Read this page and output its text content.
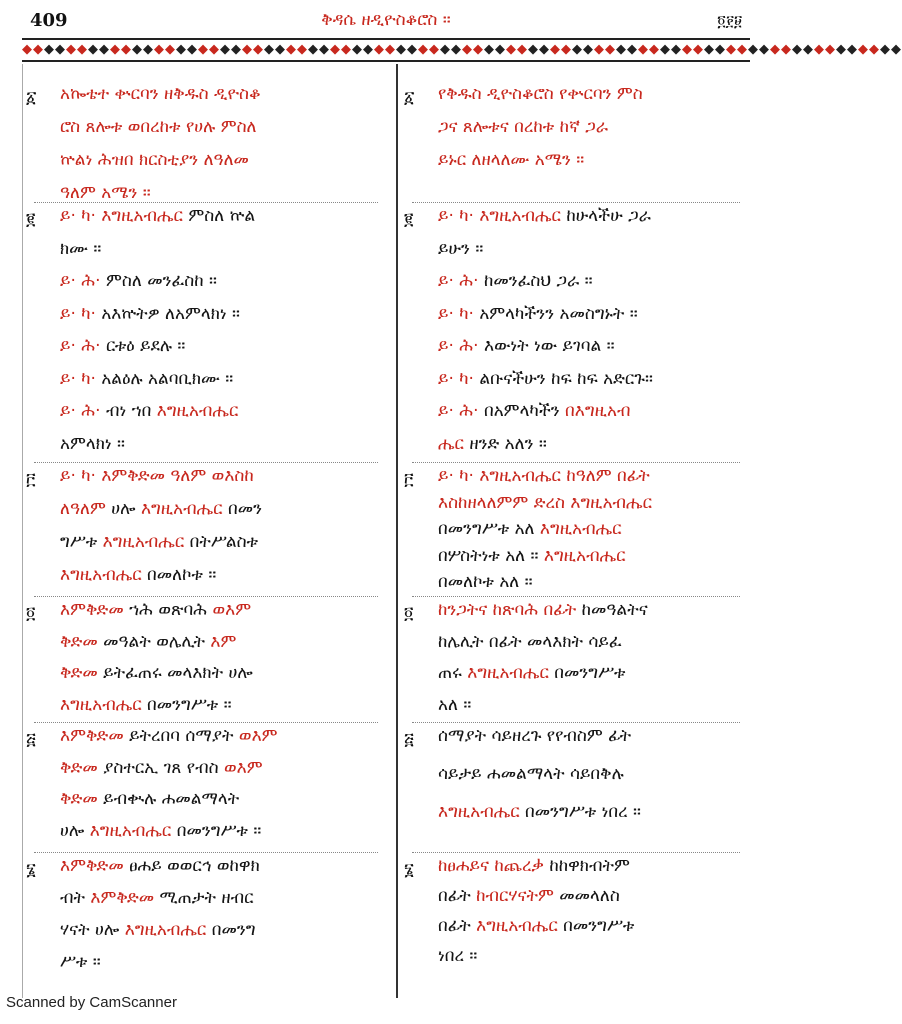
409	ቅዳሴ ዘዲዮስቆሮስ ።	፬፻፱
◆◆◆◆◆◆◆◆◆◆◆◆◆◆◆◆◆◆◆◆◆◆◆◆◆◆◆◆◆◆◆◆◆◆◆◆◆◆◆◆◆◆◆◆◆◆◆◆◆◆◆◆◆◆◆◆◆◆◆◆◆◆◆◆◆◆◆◆◆◆◆◆◆◆◆◆◆◆◆◆
፩ አኰቴተ ቍርባን ዘቅዱስ ዲዮስቆ
ሮስ ጸሎቱ ወበረከቱ የሀሉ ምስለ
ኵልነ ሕዝበ ክርስቲያን ለዓለመ
ዓለም አሜን ።
፪ ይ· ካ· እግዚአብሔር ምስለ ኵል
ክሙ ።
ይ· ሕ· ምስለ መንፈስከ ።
ይ· ካ· አእኵትዎ ለአምላክነ ።
ይ· ሕ· ርቱዕ ይደሉ ።
ይ· ካ· አልዕሉ አልባቢክሙ ።
ይ· ሕ· ብነ ኀበ እግዚአብሔር
አምላክነ ።
፫ ይ· ካ· እምቅድመ ዓለም ወእስከ
ለዓለም ሀሎ እግዚአብሔር በመን
ግሥቱ እግዚአብሔር በትሥልስቱ
እግዚአብሔር በመለኮቱ ።
፬ እምቅድመ ኀሕ ወጽባሕ ወእም
ቅድመ መዓልት ወሌሊት እም
ቅድመ ይትፈጠሩ መላእክት ሀሎ
እግዚአብሔር በመንግሥቱ ።
፭ እምቅድመ ይትረበባ ሰማያት ወእም
ቅድመ ያስተርኢ ገጸ የብስ ወእም
ቅድመ ይብቊሉ ሐመልማላት
ሀሎ እግዚአብሔር በመንግሥቱ ።
፮ እምቅድመ ፀሐይ ወወርኅ ወከዋክ
ብት እምቅድመ ሚጠታት ዘብር
ሃናት ሀሎ እግዚአብሔር በመንግ
ሥቱ ።
፩ የቅዱስ ዲዮስቆሮስ የቍርባን ምስ
ጋና ጸሎቱና በረከቱ ከኛ ጋራ
ይኑር ለዘላለሙ አሜን ።
፪ ይ· ካ· እግዚአብሔር ከሁላችሁ ጋራ
ይሁን ።
ይ· ሕ· ከመንፈስህ ጋራ ።
ይ· ካ· አምላካችንን አመስግኑት ።
ይ· ሕ· እውነት ነው ይገባል ።
ይ· ካ· ልቡናችሁን ከፍ ከፍ አድርጉ።
ይ· ሕ· በአምላካችን በእግዚአብ
ሔር ዘንድ አለን ።
፫ ይ· ካ· እግዚአብሔር ከዓለም በፊት
እስከዘላለምም ድረስ እግዚአብሔር
በመንግሥቱ አለ እግዚአብሔር
በሦስትነቱ አለ ። እግዚአብሔር
በመለኮቱ አለ ።
፬ ከንጋትና ከጽባሕ በፊት ከመዓልትና
ከሌሊት በፊት መላእክት ሳይፈ
ጠሩ እግዚአብሔር በመንግሥቱ
አለ ።
፭ ሰማያት ሳይዘረጉ የየብስም ፊት
ሳይታይ ሐመልማላት ሳይበቅሉ
እግዚአብሔር በመንግሥቱ ነበረ ።
፮ ከፀሐይና ከጨረቃ ከከዋክብትም
በፊት ከብርሃናትም መመላለስ
በፊት እግዚአብሔር በመንግሥቱ
ነበረ ።
Scanned by CamScanner
